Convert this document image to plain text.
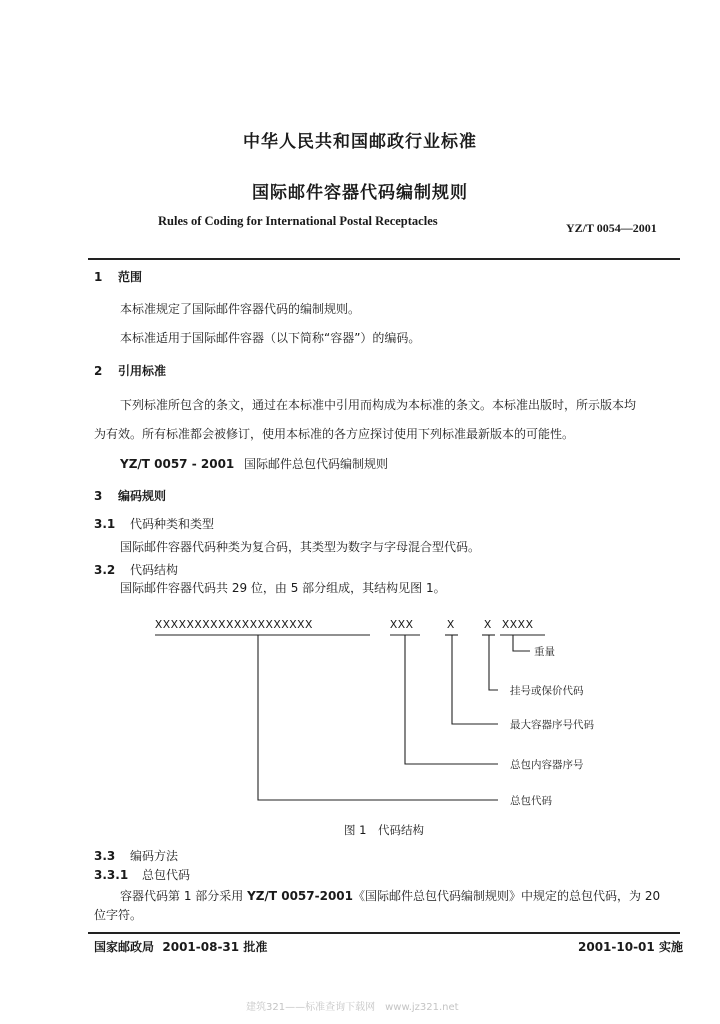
中华人民共和国邮政行业标准
国际邮件容器代码编制规则
Rules of Coding for International Postal Receptacles	YZ/T 0054—2001
1 范围
本标准规定了国际邮件容器代码的编制规则。
本标准适用于国际邮件容器（以下简称“容器”）的编码。
2 引用标准
下列标准所包含的条文，通过在本标准中引用而构成为本标准的条文。本标准出版时，所示版本均
为有效。所有标准都会被修订，使用本标准的各方应探讨使用下列标准最新版本的可能性。
YZ/T 0057 - 2001 国际邮件总包代码编制规则
3 编码规则
3.1 代码种类和类型
国际邮件容器代码种类为复合码，其类型为数字与字母混合型代码。
3.2 代码结构
国际邮件容器代码共 29 位，由 5 部分组成，其结构见图 1。
XXXXXXXXXXXXXXXXXXXX	XXX	X X XXXX
重量
挂号或保价代码
最大容器序号代码
总包内容器序号
总包代码
图 1　代码结构
3.3 编码方法
3.3.1 总包代码
容器代码第 1 部分采用 YZ/T 0057-2001《国际邮件总包代码编制规则》中规定的总包代码，为 20
位字符。
国家邮政局 2001-08-31 批准	2001-10-01 实施
建筑321——标准查询下载网　www.jz321.net
